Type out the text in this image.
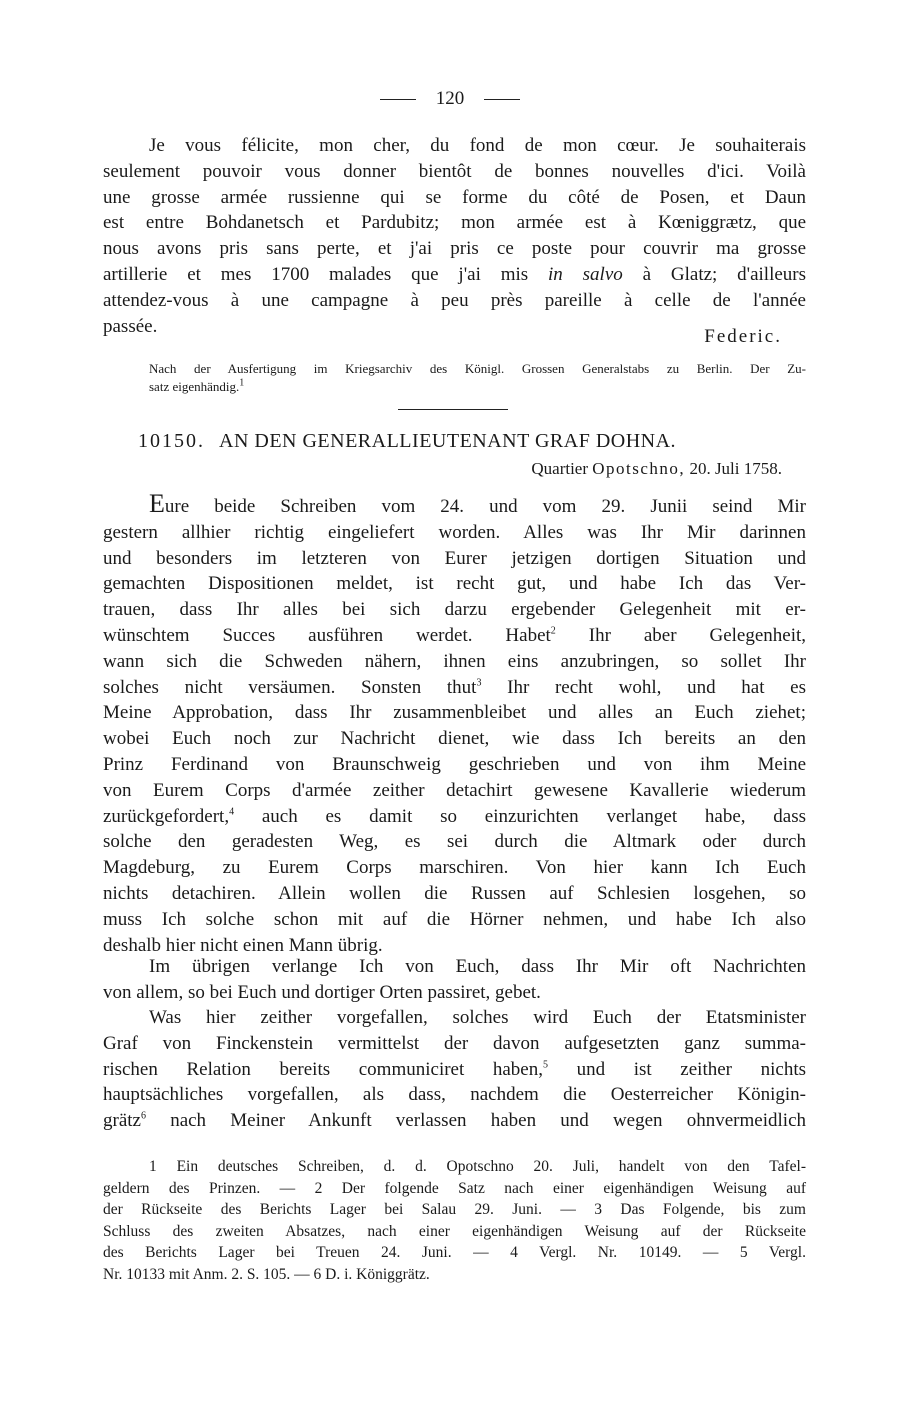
120
Je vous félicite, mon cher, du fond de mon cœur. Je souhaiterais
seulement pouvoir vous donner bientôt de bonnes nouvelles d'ici. Voilà
une grosse armée russienne qui se forme du côté de Posen, et Daun
est entre Bohdanetsch et Pardubitz; mon armée est à Kœniggrætz, que
nous avons pris sans perte, et j'ai pris ce poste pour couvrir ma grosse
artillerie et mes 1700 malades que j'ai mis in salvo à Glatz; d'ailleurs
attendez-vous à une campagne à peu près pareille à celle de l'année
passée.	Federic.
Nach der Ausfertigung im Kriegsarchiv des Königl. Grossen Generalstabs zu Berlin. Der Zu-
satz eigenhändig.$^1$
10150. AN DEN GENERALLIEUTENANT GRAF DOHNA.
Quartier Opotschno, 20. Juli 1758.
Eure beide Schreiben vom 24. und vom 29. Junii seind Mir
gestern allhier richtig eingeliefert worden. Alles was Ihr Mir darinnen
und besonders im letzteren von Eurer jetzigen dortigen Situation und
gemachten Dispositionen meldet, ist recht gut, und habe Ich das Ver-
trauen, dass Ihr alles bei sich darzu ergebender Gelegenheit mit er-
wünschtem Succes ausführen werdet. Habet$^2$ Ihr aber Gelegenheit,
wann sich die Schweden nähern, ihnen eins anzubringen, so sollet Ihr
solches nicht versäumen. Sonsten thut$^3$ Ihr recht wohl, und hat es
Meine Approbation, dass Ihr zusammenbleibet und alles an Euch ziehet;
wobei Euch noch zur Nachricht dienet, wie dass Ich bereits an den
Prinz Ferdinand von Braunschweig geschrieben und von ihm Meine
von Eurem Corps d'armée zeither detachirt gewesene Kavallerie wiederum
zurückgefordert,$^4$ auch es damit so einzurichten verlanget habe, dass
solche den geradesten Weg, es sei durch die Altmark oder durch
Magdeburg, zu Eurem Corps marschiren. Von hier kann Ich Euch
nichts detachiren. Allein wollen die Russen auf Schlesien losgehen, so
muss Ich solche schon mit auf die Hörner nehmen, und habe Ich also
deshalb hier nicht einen Mann übrig.
Im übrigen verlange Ich von Euch, dass Ihr Mir oft Nachrichten
von allem, so bei Euch und dortiger Orten passiret, gebet.
Was hier zeither vorgefallen, solches wird Euch der Etatsminister
Graf von Finckenstein vermittelst der davon aufgesetzten ganz summa-
rischen Relation bereits communiciret haben,$^5$ und ist zeither nichts
hauptsächliches vorgefallen, als dass, nachdem die Oesterreicher Königin-
grätz$^6$ nach Meiner Ankunft verlassen haben und wegen ohnvermeidlich
1 Ein deutsches Schreiben, d. d. Opotschno 20. Juli, handelt von den Tafel-
geldern des Prinzen. — 2 Der folgende Satz nach einer eigenhändigen Weisung auf
der Rückseite des Berichts Lager bei Salau 29. Juni. — 3 Das Folgende, bis zum
Schluss des zweiten Absatzes, nach einer eigenhändigen Weisung auf der Rückseite
des Berichts Lager bei Treuen 24. Juni. — 4 Vergl. Nr. 10149. — 5 Vergl.
Nr. 10133 mit Anm. 2. S. 105. — 6 D. i. Königgrätz.
